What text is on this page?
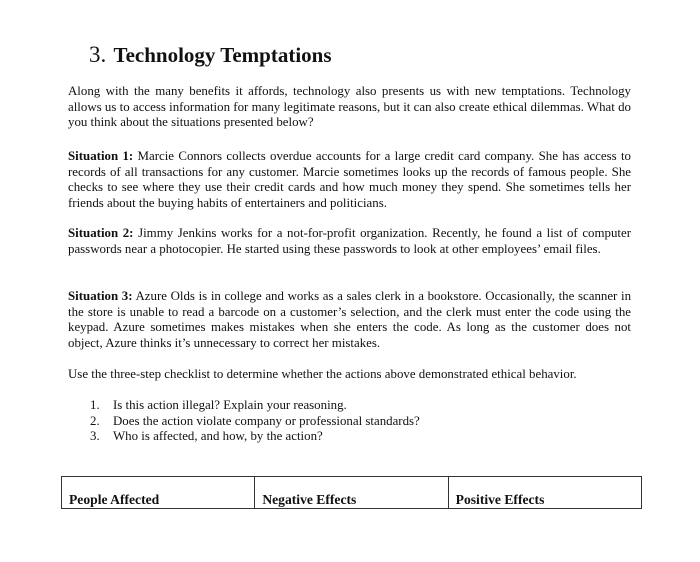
3. Technology Temptations

Along with the many benefits it affords, technology also presents us with new temptations. Technology allows us to access information for many legitimate reasons, but it can also create ethical dilemmas. What do you think about the situations presented below?

Situation 1: Marcie Connors collects overdue accounts for a large credit card company. She has access to records of all transactions for any customer. Marcie sometimes looks up the records of famous people. She checks to see where they use their credit cards and how much money they spend. She sometimes tells her friends about the buying habits of entertainers and politicians.

Situation 2: Jimmy Jenkins works for a not-for-profit organization. Recently, he found a list of computer passwords near a photocopier. He started using these passwords to look at other employees’ email files.

Situation 3: Azure Olds is in college and works as a sales clerk in a bookstore. Occasionally, the scanner in the store is unable to read a barcode on a customer’s selection, and the clerk must enter the code using the keypad. Azure sometimes makes mistakes when she enters the code. As long as the customer does not object, Azure thinks it’s unnecessary to correct her mistakes.

Use the three-step checklist to determine whether the actions above demonstrated ethical behavior.

1. Is this action illegal? Explain your reasoning.
2. Does the action violate company or professional standards?
3. Who is affected, and how, by the action?
People Affected	Negative Effects	Positive Effects
